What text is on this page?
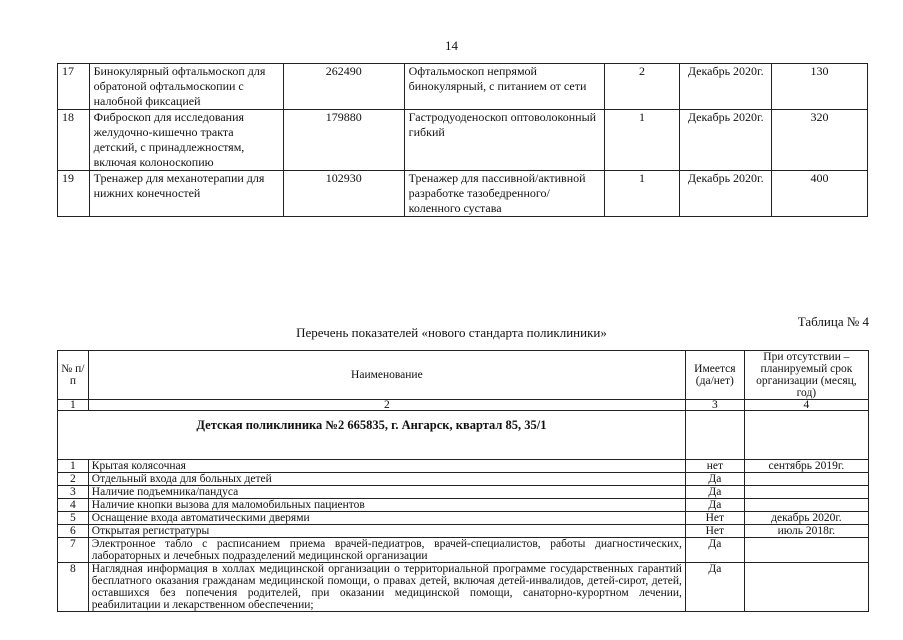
14
17	Бинокулярный офтальмоскоп для обратоной офтальмоскопии с налобной фиксацией	262490	Офтальмоскоп непрямой бинокулярный, с питанием от сети	2	Декабрь 2020г.	130
18	Фиброскоп для исследования желудочно-кишечно тракта детский, с принадлежностям, включая колоноскопию	179880	Гастродуоденоскоп оптоволоконный гибкий	1	Декабрь 2020г.	320
19	Тренажер для механотерапии для нижних конечностей	102930	Тренажер для пассивной/активной разработке тазобедренного/коленного сустава	1	Декабрь 2020г.	400
Таблица № 4
Перечень показателей «нового стандарта поликлиники»
№ п/п	Наименование	Имеется (да/нет)	При отсутствии – планируемый срок организации (месяц, год)
1	2	3	4
Детская поликлиника №2 665835, г. Ангарск, квартал 85, 35/1			
1	Крытая колясочная	нет	сентябрь 2019г.
2	Отдельный входа для больных детей	Да	
3	Наличие подъемника/пандуса	Да	
4	Наличие кнопки вызова для маломобильных пациентов	Да	
5	Оснащение входа автоматическими дверями	Нет	декабрь 2020г.
6	Открытая регистратуры	Нет	июль 2018г.
7	Электронное табло с расписанием приема врачей-педиатров, врачей-специалистов, работы диагностических, лабораторных и лечебных подразделений медицинской организации	Да	
8	Наглядная информация в холлах медицинской организации о территориальной программе государственных гарантий бесплатного оказания гражданам медицинской помощи, о правах детей, включая детей-инвалидов, детей-сирот, детей, оставшихся без попечения родителей, при оказании медицинской помощи, санаторно-курортном лечении, реабилитации и лекарственном обеспечении;	Да	
